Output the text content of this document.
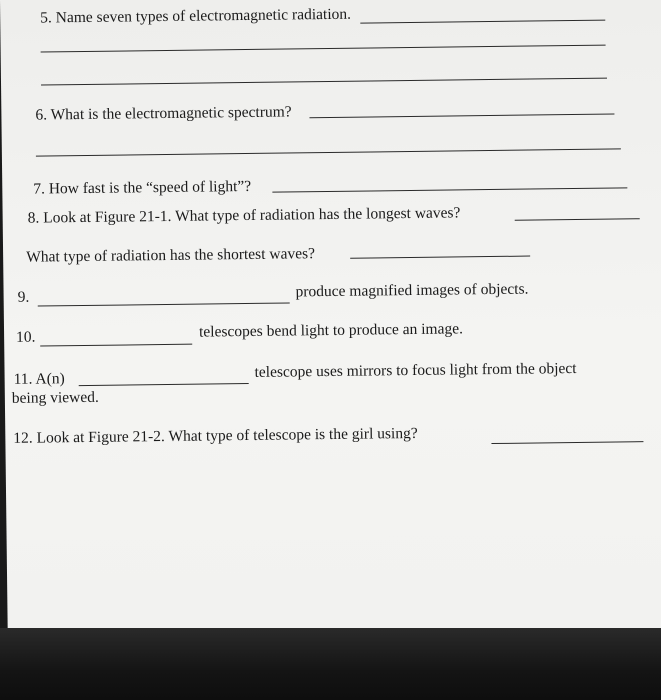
5. Name seven types of electromagnetic radiation.
6. What is the electromagnetic spectrum?
7. How fast is the “speed of light”?
8. Look at Figure 21-1. What type of radiation has the longest waves?
What type of radiation has the shortest waves?
9.	produce magnified images of objects.
10.	telescopes bend light to produce an image.
11. A(n)	telescope uses mirrors to focus light from the object
being viewed.
12. Look at Figure 21-2. What type of telescope is the girl using?
